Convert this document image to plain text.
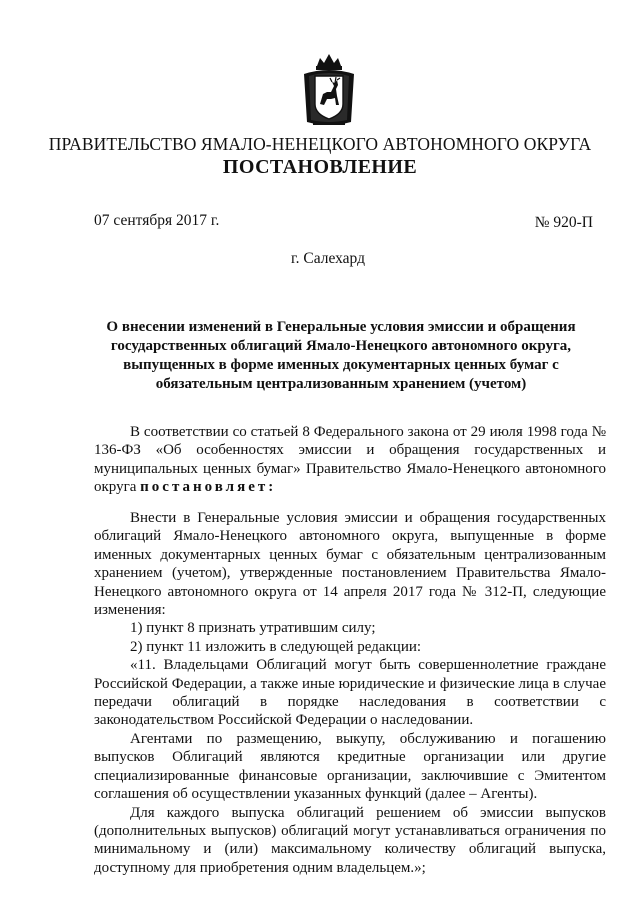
ПРАВИТЕЛЬСТВО ЯМАЛО-НЕНЕЦКОГО АВТОНОМНОГО ОКРУГА
ПОСТАНОВЛЕНИЕ
07 сентября 2017 г.	№ 920-П
г. Салехард
О внесении изменений в Генеральные условия эмиссии и обращения
государственных облигаций Ямало-Ненецкого автономного округа,
выпущенных в форме именных документарных ценных бумаг с
обязательным централизованным хранением (учетом)

В соответствии со статьей 8 Федерального закона от 29 июля 1998 года № 136-ФЗ «Об особенностях эмиссии и обращения государственных и муниципальных ценных бумаг» Правительство Ямало-Ненецкого автономного округа постановляет:

Внести в Генеральные условия эмиссии и обращения государственных облигаций Ямало-Ненецкого автономного округа, выпущенные в форме именных документарных ценных бумаг с обязательным централизованным хранением (учетом), утвержденные постановлением Правительства Ямало-Ненецкого автономного округа от 14 апреля 2017 года № 312-П, следующие изменения:

1) пункт 8 признать утратившим силу;

2) пункт 11 изложить в следующей редакции:

«11. Владельцами Облигаций могут быть совершеннолетние граждане Российской Федерации, а также иные юридические и физические лица в случае передачи облигаций в порядке наследования в соответствии с законодательством Российской Федерации о наследовании.

Агентами по размещению, выкупу, обслуживанию и погашению выпусков Облигаций являются кредитные организации или другие специализированные финансовые организации, заключившие с Эмитентом соглашения об осуществлении указанных функций (далее – Агенты).

Для каждого выпуска облигаций решением об эмиссии выпусков (дополнительных выпусков) облигаций могут устанавливаться ограничения по минимальному и (или) максимальному количеству облигаций выпуска, доступному для приобретения одним владельцем.»;
